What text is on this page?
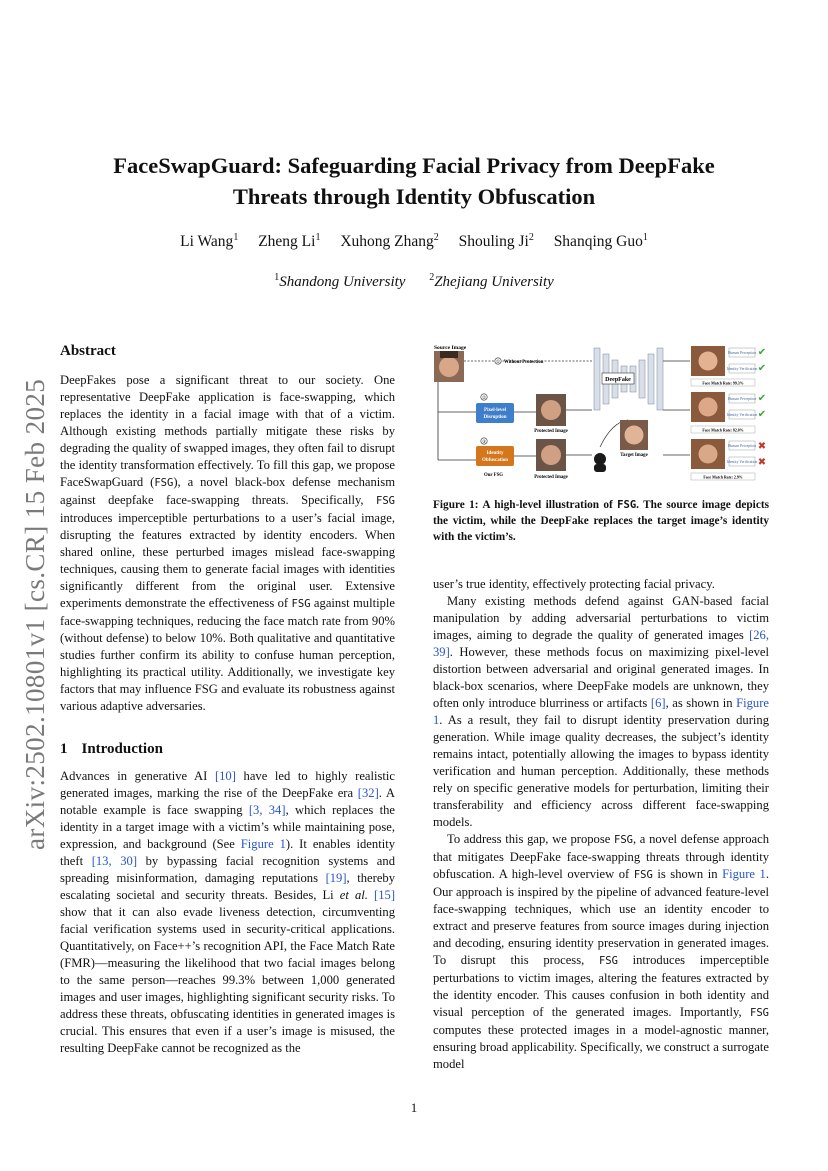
arXiv:2502.10801v1 [cs.CR] 15 Feb 2025
FaceSwapGuard: Safeguarding Facial Privacy from DeepFake
Threats through Identity Obfuscation
Li Wang$^1$ Zheng Li$^1$ Xuhong Zhang$^2$ Shouling Ji$^2$ Shanqing Guo$^1$
$^1$Shandong University $^2$Zhejiang University
Abstract

DeepFakes pose a significant threat to our society. One representative DeepFake application is face-swapping, which replaces the identity in a facial image with that of a victim. Although existing methods partially mitigate these risks by degrading the quality of swapped images, they often fail to disrupt the identity transformation effectively. To fill this gap, we propose FaceSwapGuard (FSG), a novel black-box defense mechanism against deepfake face-swapping threats. Specifically, FSG introduces imperceptible perturbations to a user’s facial image, disrupting the features extracted by identity encoders. When shared online, these perturbed images mislead face-swapping techniques, causing them to generate facial images with identities significantly different from the original user. Extensive experiments demonstrate the effectiveness of FSG against multiple face-swapping techniques, reducing the face match rate from 90% (without defense) to below 10%. Both qualitative and quantitative studies further confirm its ability to confuse human perception, highlighting its practical utility. Additionally, we investigate key factors that may influence FSG and evaluate its robustness against various adaptive adversaries.

1 Introduction

Advances in generative AI [10] have led to highly realistic generated images, marking the rise of the DeepFake era [32]. A notable example is face swapping [3, 34], which replaces the identity in a target image with a victim’s while maintaining pose, expression, and background (See Figure 1). It enables identity theft [13, 30] by bypassing facial recognition systems and spreading misinformation, damaging reputations [19], thereby escalating societal and security threats. Besides, Li et al. [15] show that it can also evade liveness detection, circumventing facial verification systems used in security-critical applications. Quantitatively, on Face++’s recognition API, the Face Match Rate (FMR)—measuring the likelihood that two facial images belong to the same person—reaches 99.3% between 1,000 generated images and user images, highlighting significant security risks. To address these threats, obfuscating identities in generated images is crucial. This ensures that even if a user’s image is misused, the resulting DeepFake cannot be recognized as the

Source Image
① Without Protection
②
③
Pixel-level
Disruption
Identity
Obfuscation
Our FSG
Protected Image
Protected Image
DeepFake
Target Image
Human Perception
Identity Verification
✔
✔
Face Match Rate: 99.3%
Human Perception
Identity Verification
✔
✔
Face Match Rate: 82.0%
Human Perception
Identity Verification
✖
✖
Face Match Rate: 2.9%
Figure 1: A high-level illustration of FSG. The source image depicts the victim, while the DeepFake replaces the target image’s identity with the victim’s.

user’s true identity, effectively protecting facial privacy.

Many existing methods defend against GAN-based facial manipulation by adding adversarial perturbations to victim images, aiming to degrade the quality of generated images [26, 39]. However, these methods focus on maximizing pixel-level distortion between adversarial and original generated images. In black-box scenarios, where DeepFake models are unknown, they often only introduce blurriness or artifacts [6], as shown in Figure 1. As a result, they fail to disrupt identity preservation during generation. While image quality decreases, the subject’s identity remains intact, potentially allowing the images to bypass identity verification and human perception. Additionally, these methods rely on specific generative models for perturbation, limiting their transferability and efficiency across different face-swapping models.

To address this gap, we propose FSG, a novel defense approach that mitigates DeepFake face-swapping threats through identity obfuscation. A high-level overview of FSG is shown in Figure 1. Our approach is inspired by the pipeline of advanced feature-level face-swapping techniques, which use an identity encoder to extract and preserve features from source images during injection and decoding, ensuring identity preservation in generated images. To disrupt this process, FSG introduces imperceptible perturbations to victim images, altering the features extracted by the identity encoder. This causes confusion in both identity and visual perception of the generated images. Importantly, FSG computes these protected images in a model-agnostic manner, ensuring broad applicability. Specifically, we construct a surrogate model

1
